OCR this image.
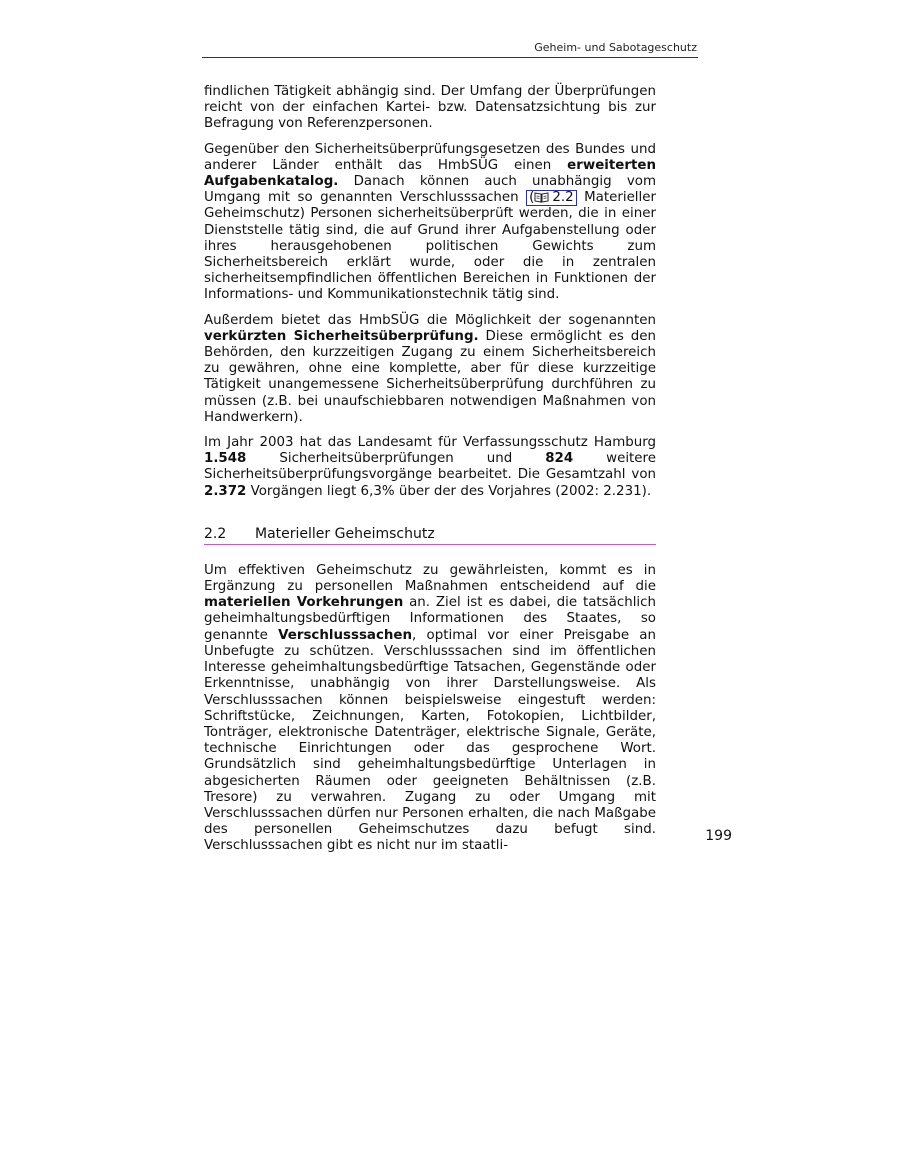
Geheim- und Sabotageschutz

findlichen Tätigkeit abhängig sind. Der Umfang der Überprüfungen reicht von der einfachen Kartei- bzw. Datensatzsichtung bis zur Befragung von Referenzpersonen.

Gegenüber den Sicherheitsüberprüfungsgesetzen des Bundes und anderer Länder enthält das HmbSÜG einen erweiterten Aufgabenkatalog. Danach können auch unabhängig vom Umgang mit so genannten Verschlusssachen ( 2.2 Materieller Geheimschutz) Personen sicherheitsüberprüft werden, die in einer Dienststelle tätig sind, die auf Grund ihrer Aufgabenstellung oder ihres herausgehobenen politischen Gewichts zum Sicherheitsbereich erklärt wurde, oder die in zentralen sicherheitsempfindlichen öffentlichen Bereichen in Funktionen der Informations- und Kommunikationstechnik tätig sind.

Außerdem bietet das HmbSÜG die Möglichkeit der sogenannten verkürzten Sicherheitsüberprüfung. Diese ermöglicht es den Behörden, den kurzzeitigen Zugang zu einem Sicherheitsbereich zu gewähren, ohne eine komplette, aber für diese kurzzeitige Tätigkeit unangemessene Sicherheitsüberprüfung durchführen zu müssen (z.B. bei unaufschiebbaren notwendigen Maßnahmen von Handwerkern).

Im Jahr 2003 hat das Landesamt für Verfassungsschutz Hamburg 1.548 Sicherheitsüberprüfungen und 824 weitere Sicherheitsüberprüfungsvorgänge bearbeitet. Die Gesamtzahl von 2.372 Vorgängen liegt 6,3% über der des Vorjahres (2002: 2.231).

2.2 Materieller Geheimschutz

Um effektiven Geheimschutz zu gewährleisten, kommt es in Ergänzung zu personellen Maßnahmen entscheidend auf die materiellen Vorkehrungen an. Ziel ist es dabei, die tatsächlich geheimhaltungsbedürftigen Informationen des Staates, so genannte Verschlusssachen, optimal vor einer Preisgabe an Unbefugte zu schützen. Verschlusssachen sind im öffentlichen Interesse geheimhaltungsbedürftige Tatsachen, Gegenstände oder Erkenntnisse, unabhängig von ihrer Darstellungsweise. Als Verschlusssachen können beispielsweise eingestuft werden: Schriftstücke, Zeichnungen, Karten, Fotokopien, Lichtbilder, Tonträger, elektronische Datenträger, elektrische Signale, Geräte, technische Einrichtungen oder das gesprochene Wort. Grundsätzlich sind geheimhaltungsbedürftige Unterlagen in abgesicherten Räumen oder geeigneten Behältnissen (z.B. Tresore) zu verwahren. Zugang zu oder Umgang mit Verschlusssachen dürfen nur Personen erhalten, die nach Maßgabe des personellen Geheimschutzes dazu befugt sind. Verschlusssachen gibt es nicht nur im staatli-

199
